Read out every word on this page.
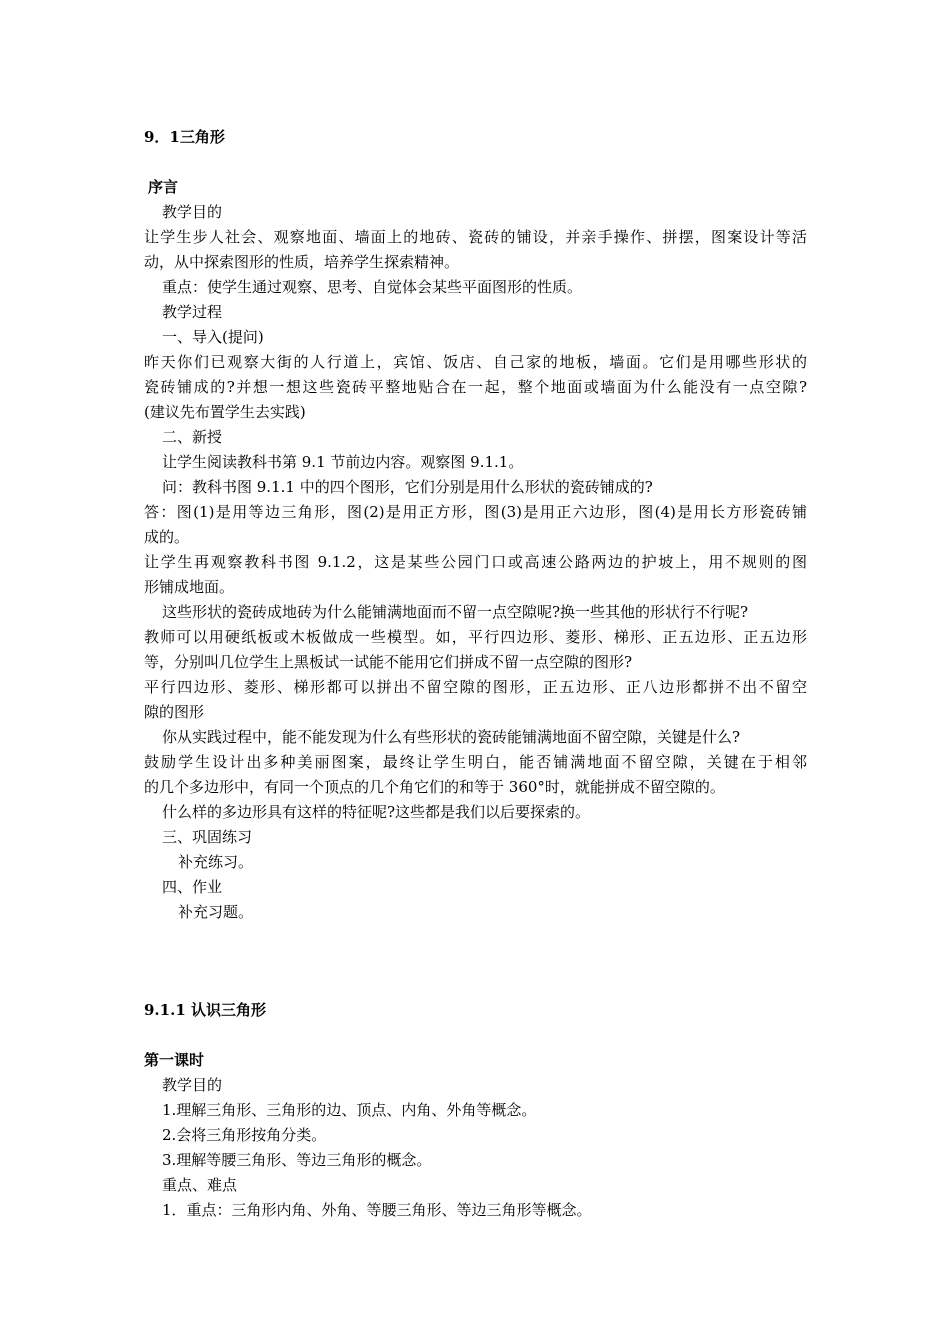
9．1三角形
序言
教学目的
让学生步人社会、观察地面、墙面上的地砖、瓷砖的铺设，并亲手操作、拼摆，图案设计等活
动，从中探索图形的性质，培养学生探索精神。
重点：使学生通过观察、思考、自觉体会某些平面图形的性质。
教学过程
一、导入(提问)
昨天你们已观察大街的人行道上，宾馆、饭店、自己家的地板，墙面。它们是用哪些形状的
瓷砖铺成的?并想一想这些瓷砖平整地贴合在一起，整个地面或墙面为什么能没有一点空隙?
(建议先布置学生去实践)
二、新授
让学生阅读教科书第 9.1 节前边内容。观察图 9.1.1。
问：教科书图 9.1.1 中的四个图形，它们分别是用什么形状的瓷砖铺成的?
答：图(1)是用等边三角形，图(2)是用正方形，图(3)是用正六边形，图(4)是用长方形瓷砖铺
成的。
让学生再观察教科书图 9.1.2，这是某些公园门口或高速公路两边的护坡上，用不规则的图
形铺成地面。
这些形状的瓷砖成地砖为什么能铺满地面而不留一点空隙呢?换一些其他的形状行不行呢?
教师可以用硬纸板或木板做成一些模型。如，平行四边形、菱形、梯形、正五边形、正五边形
等，分别叫几位学生上黑板试一试能不能用它们拼成不留一点空隙的图形?
平行四边形、菱形、梯形都可以拼出不留空隙的图形，正五边形、正八边形都拼不出不留空
隙的图形
你从实践过程中，能不能发现为什么有些形状的瓷砖能铺满地面不留空隙，关键是什么?
鼓励学生设计出多种美丽图案，最终让学生明白，能否铺满地面不留空隙，关键在于相邻
的几个多边形中，有同一个顶点的几个角它们的和等于 360°时，就能拼成不留空隙的。
什么样的多边形具有这样的特征呢?这些都是我们以后要探索的。
三、巩固练习
补充练习。
四、作业
补充习题。
9.1.1 认识三角形
第一课时
教学目的
1.理解三角形、三角形的边、顶点、内角、外角等概念。
2.会将三角形按角分类。
3.理解等腰三角形、等边三角形的概念。
重点、难点
1．重点：三角形内角、外角、等腰三角形、等边三角形等概念。
